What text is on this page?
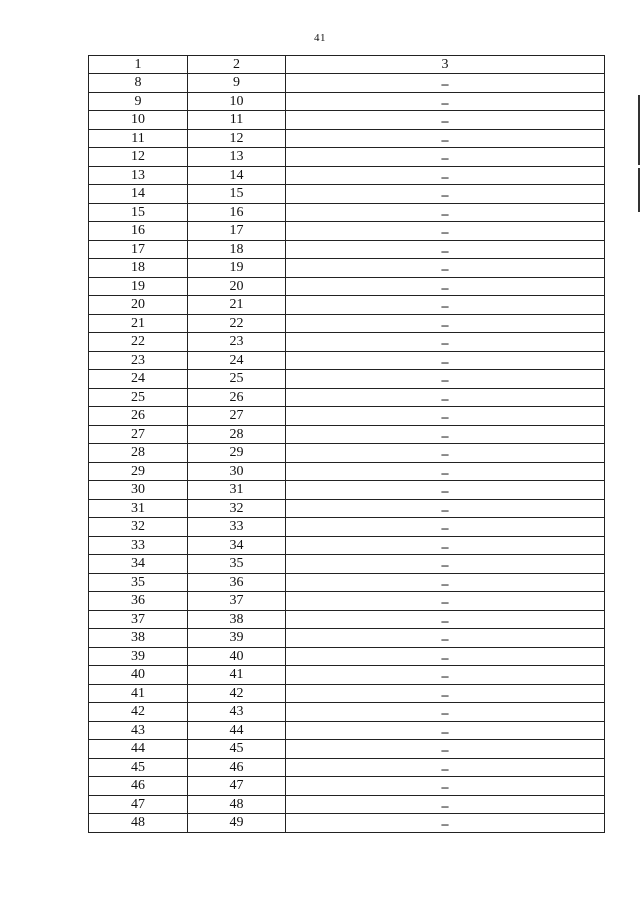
41
1	2	3
8	9	–
9	10	–
10	11	–
11	12	–
12	13	–
13	14	–
14	15	–
15	16	–
16	17	–
17	18	–
18	19	–
19	20	–
20	21	–
21	22	–
22	23	–
23	24	–
24	25	–
25	26	–
26	27	–
27	28	–
28	29	–
29	30	–
30	31	–
31	32	–
32	33	–
33	34	–
34	35	–
35	36	–
36	37	–
37	38	–
38	39	–
39	40	–
40	41	–
41	42	–
42	43	–
43	44	–
44	45	–
45	46	–
46	47	–
47	48	–
48	49	–
